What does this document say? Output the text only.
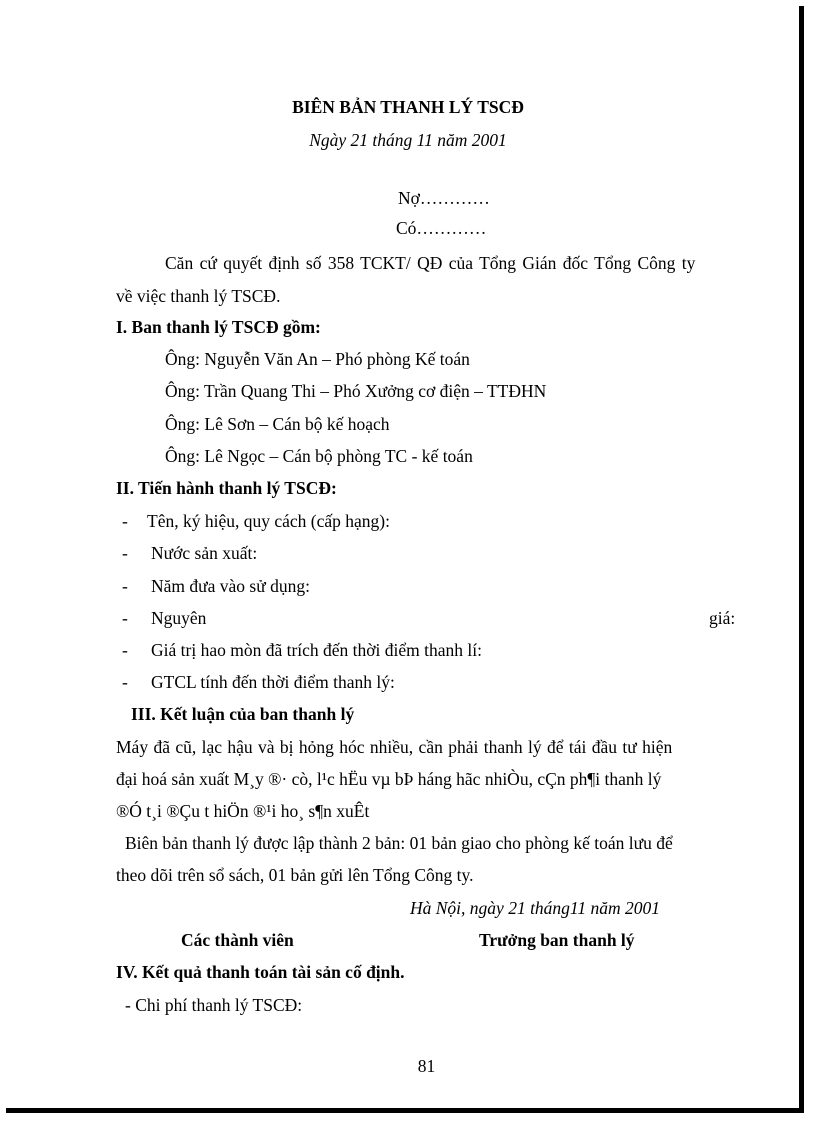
BIÊN BẢN THANH LÝ TSCĐ
Ngày 21 tháng 11 năm 2001
Nợ…………
Có…………
Căn cứ quyết định số 358 TCKT/ QĐ của Tổng Gián đốc Tổng Công ty
về việc thanh lý TSCĐ.
I. Ban thanh lý TSCĐ gồm:
Ông: Nguyễn Văn An – Phó phòng Kế toán
Ông: Trần Quang Thi – Phó Xưởng cơ điện – TTĐHN
Ông: Lê Sơn – Cán bộ kế hoạch
Ông: Lê Ngọc – Cán bộ phòng TC - kế toán
II. Tiến hành thanh lý TSCĐ:
- Tên, ký hiệu, quy cách (cấp hạng):
- Nước sản xuất:
- Năm đưa vào sử dụng:
- Nguyên	giá:
- Giá trị hao mòn đã trích đến thời điểm thanh lí:
- GTCL tính đến thời điểm thanh lý:
III. Kết luận của ban thanh lý
Máy đã cũ, lạc hậu và bị hỏng hóc nhiều, cần phải thanh lý để tái đầu tư hiện
đại hoá sản xuất M¸y ®· cò, l¹c hËu vµ bÞ háng hãc nhiÒu, cÇn ph¶i thanh lý
®Ó t¸i ®Çu t hiÖn ®¹i ho¸ s¶n xuÊt
Biên bản thanh lý được lập thành 2 bản: 01 bản giao cho phòng kế toán lưu để
theo dõi trên sổ sách, 01 bản gửi lên Tổng Công ty.
Hà Nội, ngày 21 tháng11 năm 2001
Các thành viên	Trưởng ban thanh lý
IV. Kết quả thanh toán tài sản cố định.
- Chi phí thanh lý TSCĐ:
81
